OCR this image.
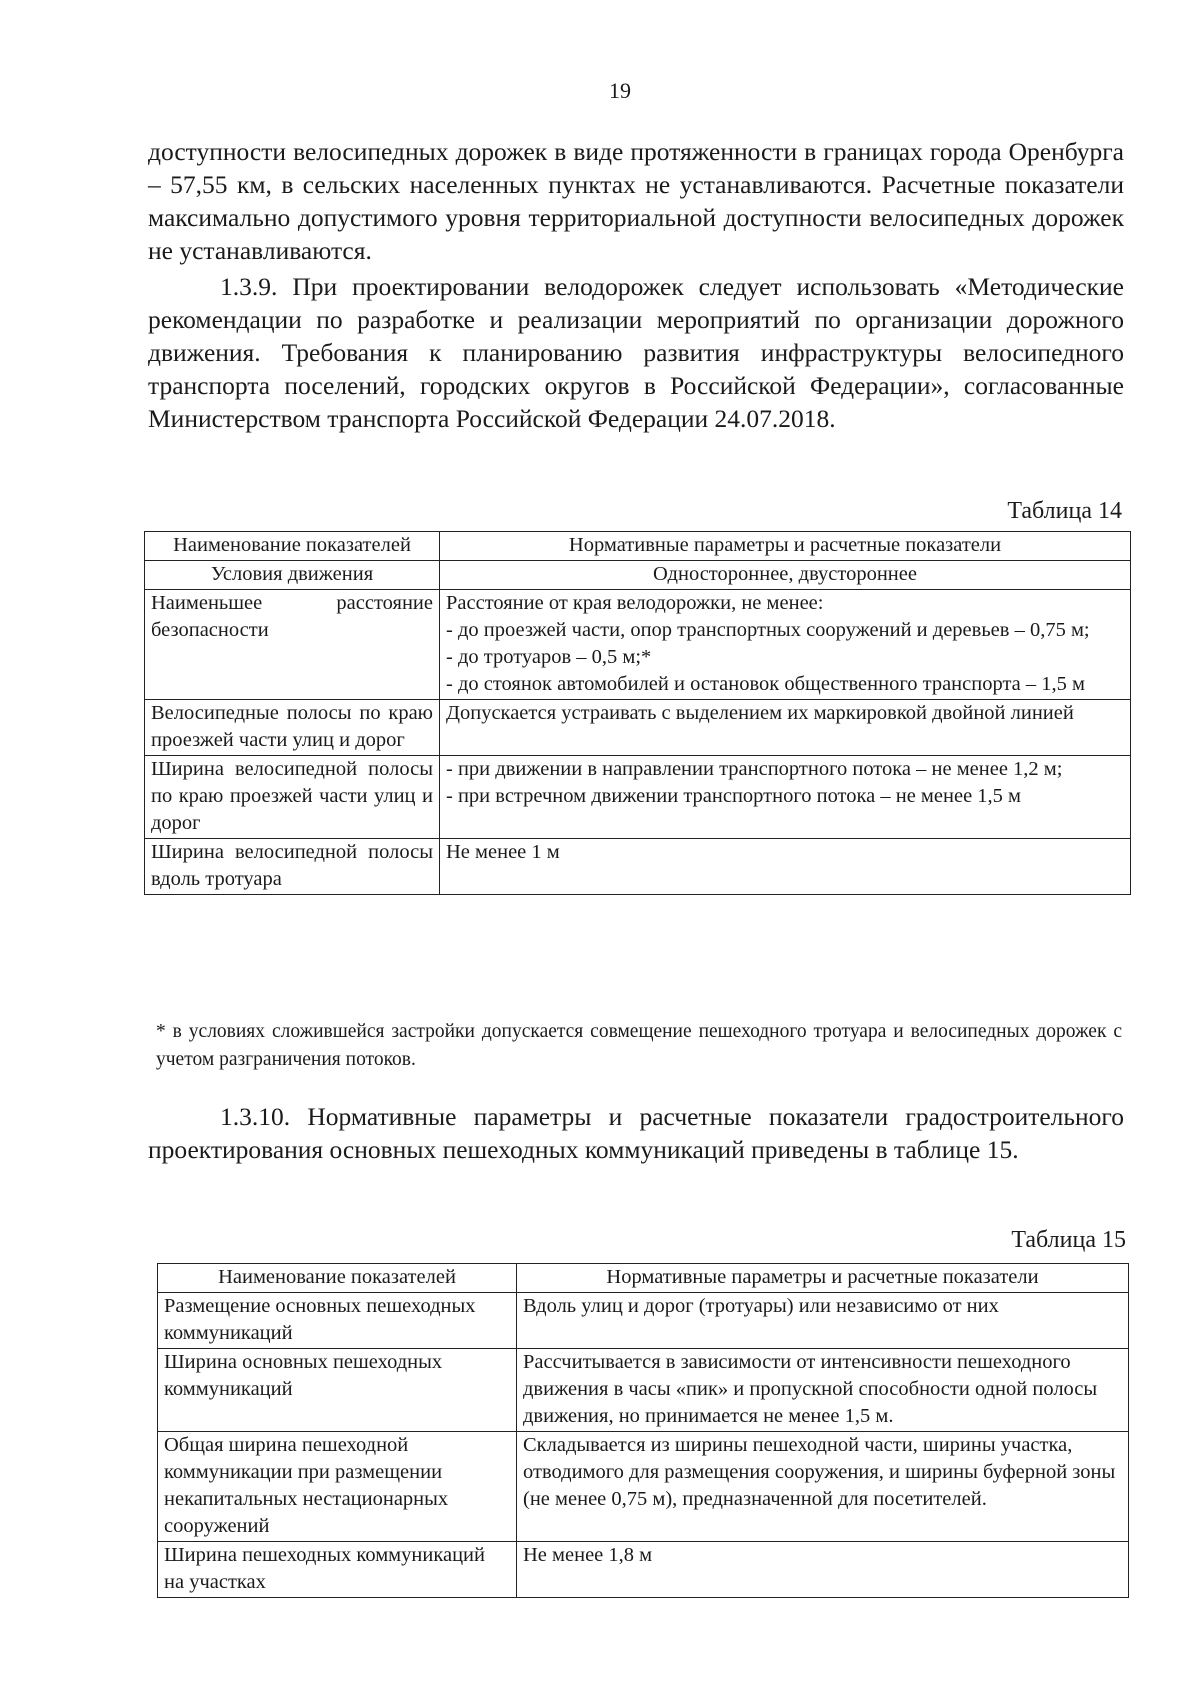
19
доступности велосипедных дорожек в виде протяженности в границах города Оренбурга – 57,55 км, в сельских населенных пунктах не устанавливаются. Расчетные показатели максимально допустимого уровня территориальной доступности велосипедных дорожек не устанавливаются.
1.3.9. При проектировании велодорожек следует использовать «Методические рекомендации по разработке и реализации мероприятий по организации дорожного движения. Требования к планированию развития инфраструктуры велосипедного транспорта поселений, городских округов в Российской Федерации», согласованные Министерством транспорта Российской Федерации 24.07.2018.
Таблица 14
Наименование показателей	Нормативные параметры и расчетные показатели
Условия движения	Одностороннее, двустороннее
Наименьшее расстояние безопасности	Расстояние от края велодорожки, не менее:
- до проезжей части, опор транспортных сооружений и деревьев – 0,75 м;
- до тротуаров – 0,5 м;*
- до стоянок автомобилей и остановок общественного транспорта – 1,5 м
Велосипедные полосы по краю проезжей части улиц и дорог	Допускается устраивать с выделением их маркировкой двойной линией
Ширина велосипедной полосы по краю проезжей части улиц и дорог	- при движении в направлении транспортного потока – не менее 1,2 м;
- при встречном движении транспортного потока – не менее 1,5 м
Ширина велосипедной полосы вдоль тротуара	Не менее 1 м
* в условиях сложившейся застройки допускается совмещение пешеходного тротуара и велосипедных дорожек с учетом разграничения потоков.
1.3.10. Нормативные параметры и расчетные показатели градостроительного проектирования основных пешеходных коммуникаций приведены в таблице 15.
Таблица 15
Наименование показателей	Нормативные параметры и расчетные показатели
Размещение основных пешеходных коммуникаций	Вдоль улиц и дорог (тротуары) или независимо от них
Ширина основных пешеходных коммуникаций	Рассчитывается в зависимости от интенсивности пешеходного движения в часы «пик» и пропускной способности одной полосы движения, но принимается не менее 1,5 м.
Общая ширина пешеходной коммуникации при размещении некапитальных нестационарных сооружений	Складывается из ширины пешеходной части, ширины участка, отводимого для размещения сооружения, и ширины буферной зоны (не менее 0,75 м), предназначенной для посетителей.
Ширина пешеходных коммуникаций на участках	Не менее 1,8 м
